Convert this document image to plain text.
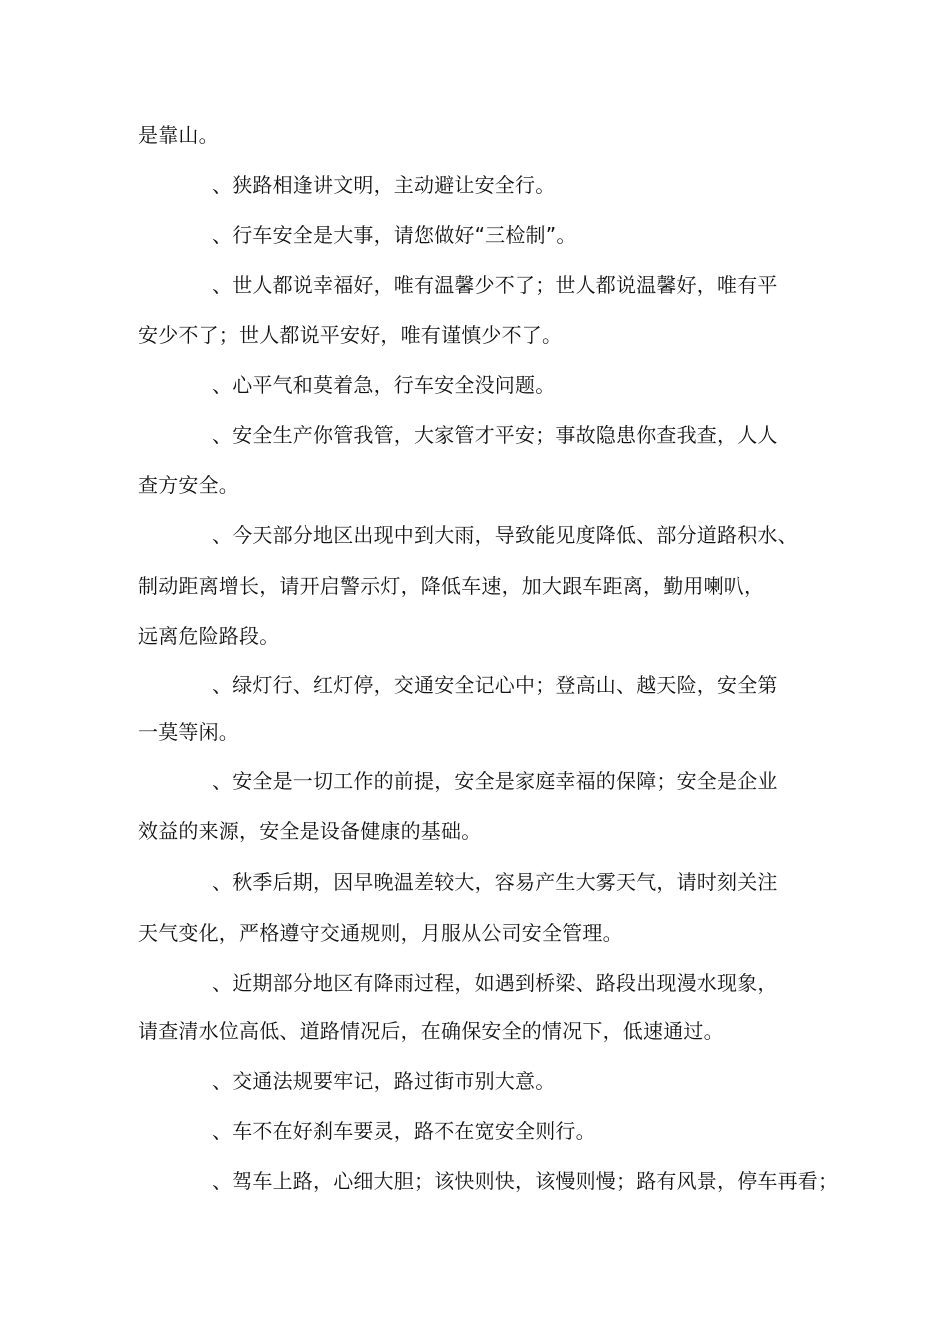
是靠山。
、狭路相逢讲文明，主动避让安全行。
、行车安全是大事，请您做好“三检制”。
、世人都说幸福好，唯有温馨少不了；世人都说温馨好，唯有平
安少不了；世人都说平安好，唯有谨慎少不了。
、心平气和莫着急，行车安全没问题。
、安全生产你管我管，大家管才平安；事故隐患你查我查，人人
查方安全。
、今天部分地区出现中到大雨，导致能见度降低、部分道路积水、
制动距离增长，请开启警示灯，降低车速，加大跟车距离，勤用喇叭，
远离危险路段。
、绿灯行、红灯停，交通安全记心中；登高山、越天险，安全第
一莫等闲。
、安全是一切工作的前提，安全是家庭幸福的保障；安全是企业
效益的来源，安全是设备健康的基础。
、秋季后期，因早晚温差较大，容易产生大雾天气，请时刻关注
天气变化，严格遵守交通规则，月服从公司安全管理。
、近期部分地区有降雨过程，如遇到桥梁、路段出现漫水现象，
请查清水位高低、道路情况后，在确保安全的情况下，低速通过。
、交通法规要牢记，路过街市别大意。
、车不在好刹车要灵，路不在宽安全则行。
、驾车上路，心细大胆；该快则快，该慢则慢；路有风景，停车再看；
